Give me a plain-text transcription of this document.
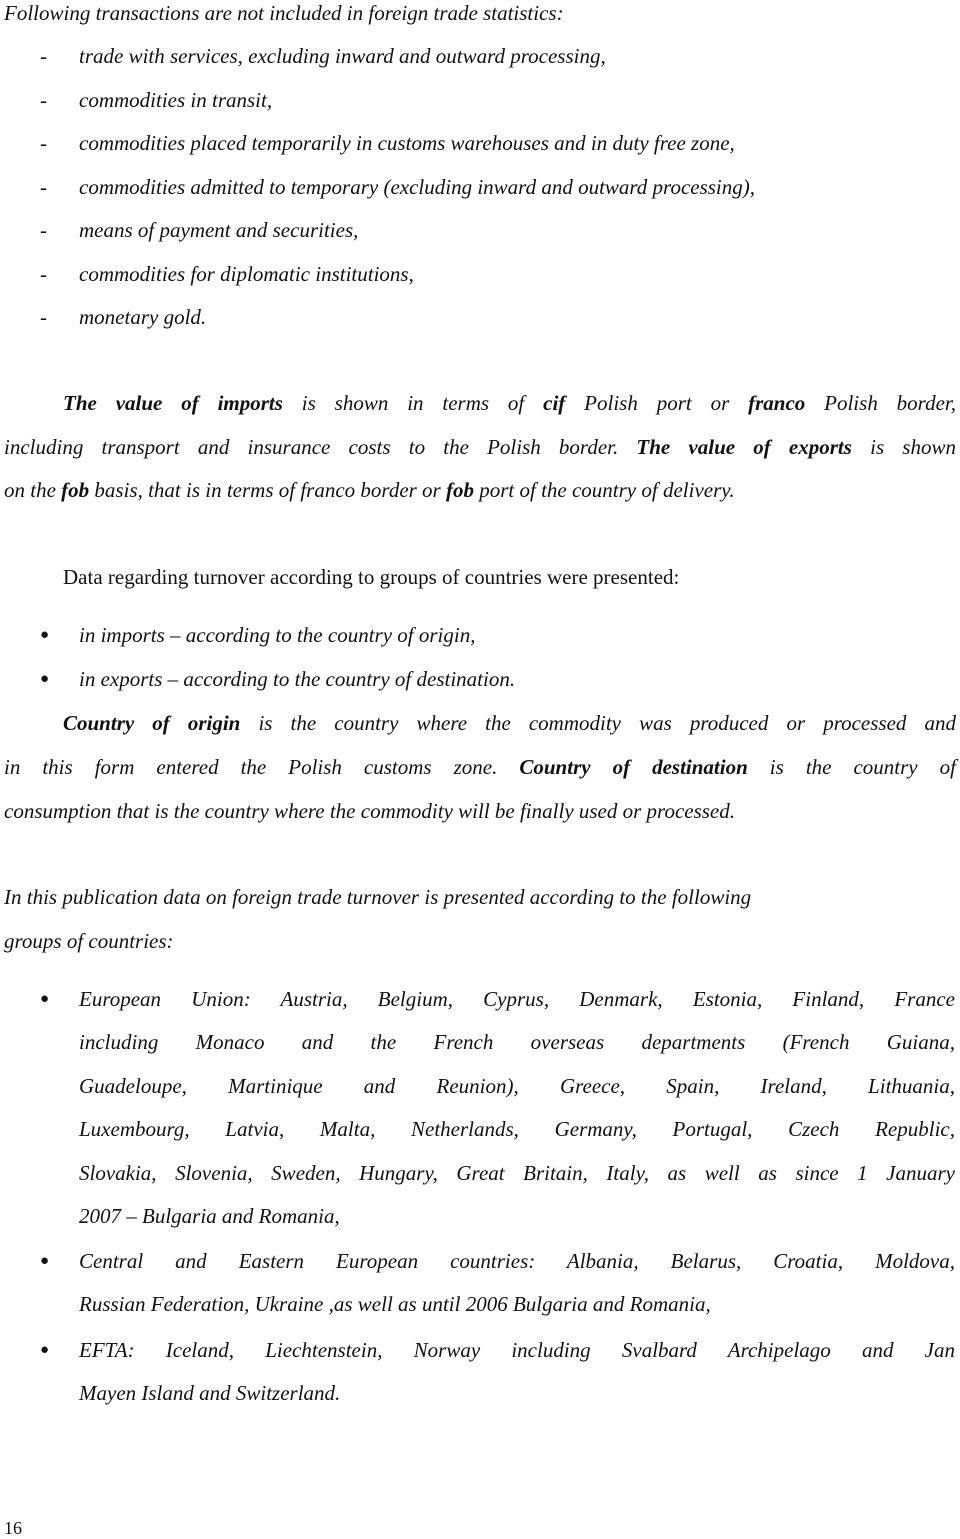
Following transactions are not included in foreign trade statistics:
- trade with services, excluding inward and outward processing,
- commodities in transit,
- commodities placed temporarily in customs warehouses and in duty free zone,
- commodities admitted to temporary (excluding inward and outward processing),
- means of payment and securities,
- commodities for diplomatic institutions,
- monetary gold.
The value of imports is shown in terms of cif Polish port or franco Polish border,
including transport and insurance costs to the Polish border. The value of exports is shown
on the fob basis, that is in terms of franco border or fob port of the country of delivery.
Data regarding turnover according to groups of countries were presented:
● in imports – according to the country of origin,
● in exports – according to the country of destination.
Country of origin is the country where the commodity was produced or processed and
in this form entered the Polish customs zone. Country of destination is the country of
consumption that is the country where the commodity will be finally used or processed.
In this publication data on foreign trade turnover is presented according to the following
groups of countries:
● European Union: Austria, Belgium, Cyprus, Denmark, Estonia, Finland, France
including Monaco and the French overseas departments (French Guiana,
Guadeloupe, Martinique and Reunion), Greece, Spain, Ireland, Lithuania,
Luxembourg, Latvia, Malta, Netherlands, Germany, Portugal, Czech Republic,
Slovakia, Slovenia, Sweden, Hungary, Great Britain, Italy, as well as since 1 January
2007 – Bulgaria and Romania,
● Central and Eastern European countries: Albania, Belarus, Croatia, Moldova,
Russian Federation, Ukraine ,as well as until 2006 Bulgaria and Romania,
● EFTA: Iceland, Liechtenstein, Norway including Svalbard Archipelago and Jan
Mayen Island and Switzerland.
16
